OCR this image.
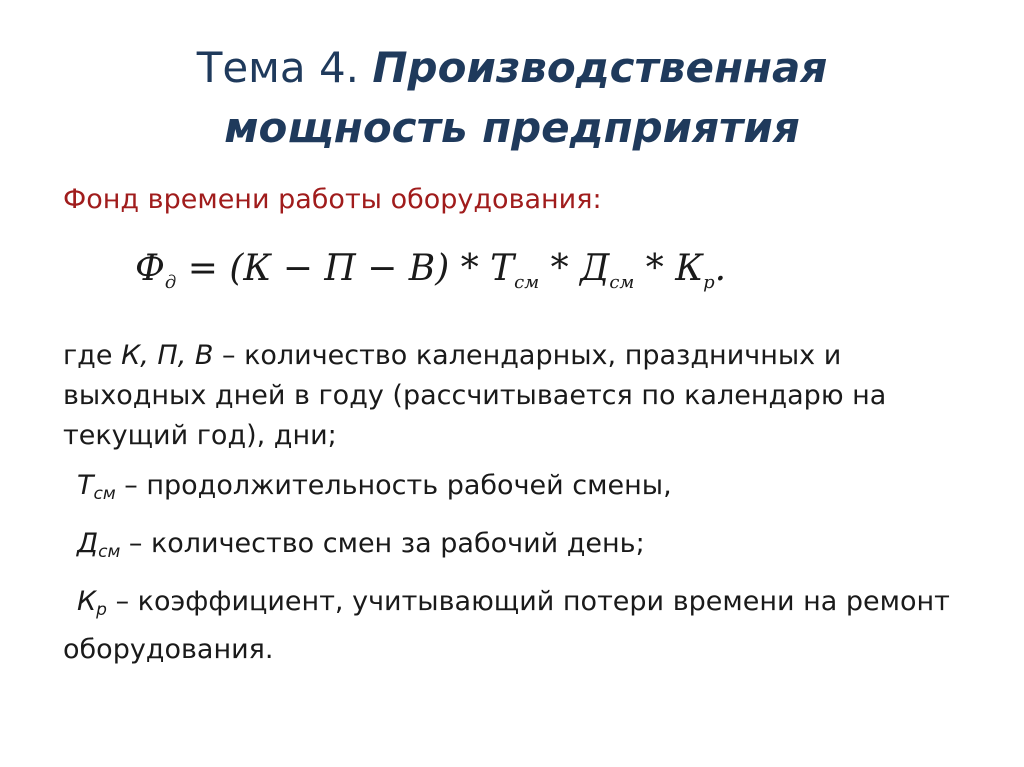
Тема 4. Производственная
мощность предприятия
Фонд времени работы оборудования:
$Ф_д = (К - П - В) * Т_{см} * Д_{см} * К_р$.

где К, П, В – количество календарных, праздничных и выходных дней в году (рассчитывается по календарю на текущий год), дни;

$Т_{см}$ – продолжительность рабочей смены,

$Д_{см}$ – количество смен за рабочий день;

$К_р$ – коэффициент, учитывающий потери времени на ремонт оборудования.
